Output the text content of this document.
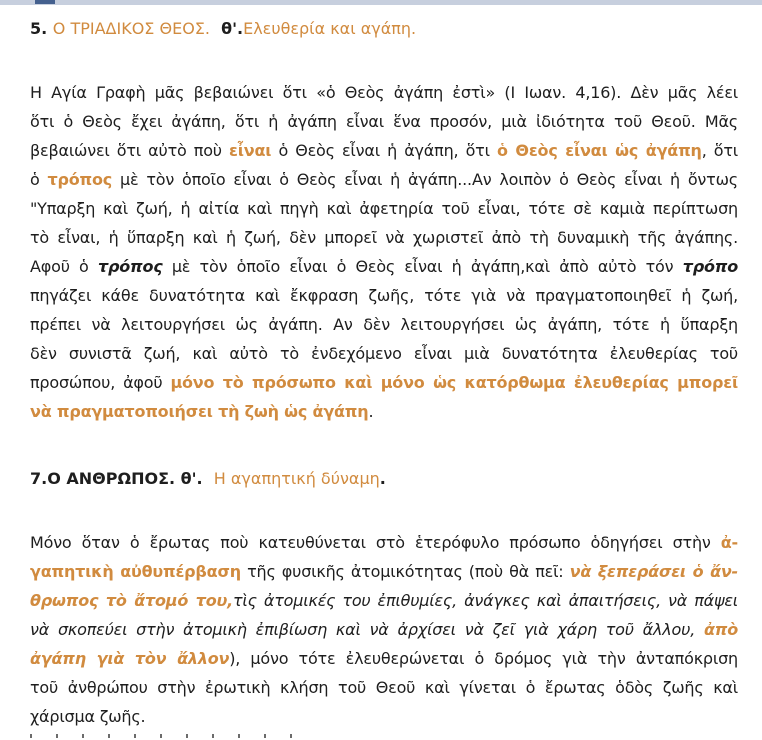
5. Ο ΤΡΙΑΔΙΚΟΣ ΘΕΟΣ.  θ'.Ελευθερία και αγάπη.
Η Αγία Γραφὴ μᾶς βεβαιώνει ὅτι «ὁ Θεὸς ἀγάπη ἐστὶ» (Ι Ιωαν. 4,16). Δὲν μᾶς λέει
ὅτι ὁ Θεὸς ἔχει ἀγάπη, ὅτι ἡ ἀγάπη εἶναι ἕνα προσόν, μιὰ ἰδιότητα τοῦ Θεοῦ. Μᾶς
βεβαιώνει ὅτι αὐτὸ ποὺ εἶναι ὁ Θεὸς εἶναι ἡ ἀγάπη, ὅτι ὁ Θεὸς εἶναι ὡς ἀγάπη, ὅτι
ὁ τρόπος μὲ τὸν ὁποῖο εἶναι ὁ Θεὸς εἶναι ἡ ἀγάπη...Αν λοιπὸν ὁ Θεὸς εἶναι ἡ ὄντως
"Υπαρξη καὶ ζωή, ἡ αἰτία καὶ πηγὴ καὶ ἀφετηρία τοῦ εἶναι, τότε σὲ καμιὰ περίπτωση
τὸ εἶναι, ἡ ὕπαρξη καὶ ἡ ζωή, δὲν μπορεῖ νὰ χωριστεῖ ἀπὸ τὴ δυναμικὴ τῆς ἀγάπης.
Αφοῦ ὁ τρόπος μὲ τὸν ὁποῖο εἶναι ὁ Θεὸς εἶναι ἡ ἀγάπη,καὶ ἀπὸ αὐτὸ τόν τρόπο
πηγάζει κάθε δυνατότητα καὶ ἔκφραση ζωῆς, τότε γιὰ νὰ πραγματοποιηθεῖ ἡ ζωή,
πρέπει νὰ λειτουργήσει ὡς ἀγάπη. Αν δὲν λειτουργήσει ὡς ἀγάπη, τότε ἡ ὕπαρξη
δὲν συνιστᾶ ζωή, καὶ αὐτὸ τὸ ἐνδεχόμενο εἶναι μιὰ δυνατότητα ἐλευθερίας τοῦ
προσώπου, ἀφοῦ μόνο τὸ πρόσωπο καὶ μόνο ὡς κατόρθωμα ἐλευθερίας μπορεῖ
νὰ πραγματοποιήσει τὴ ζωὴ ὡς ἀγάπη.
7.Ο ΑΝΘΡΩΠΟΣ. θ'.  Η αγαπητική δύναμη.
Μόνο ὅταν ὁ ἔρωτας ποὺ κατευθύνεται στὸ ἑτερόφυλο πρόσωπο ὁδηγήσει στὴν ἀ-
γαπητικὴ αὐθυπέρβαση τῆς φυσικῆς ἀτομικότητας (ποὺ θὰ πεῖ: νὰ ξεπεράσει ὁ ἄν-
θρωπος τὸ ἄτομό του,τὶς ἀτομικές του ἐπιθυμίες, ἀνάγκες καὶ ἀπαιτήσεις, νὰ πάψει
νὰ σκοπεύει στὴν ἀτομικὴ ἐπιβίωση καὶ νὰ ἀρχίσει νὰ ζεῖ γιὰ χάρη τοῦ ἄλλου, ἀπὸ
ἀγάπη γιὰ τὸν ἄλλον), μόνο τότε ἐλευθερώνεται ὁ δρόμος γιὰ τὴν ἀνταπόκριση
τοῦ ἀνθρώπου στὴν ἐρωτικὴ κλήση τοῦ Θεοῦ καὶ γίνεται ὁ ἔρωτας ὁδὸς ζωῆς καὶ
χάρισμα ζωῆς.
